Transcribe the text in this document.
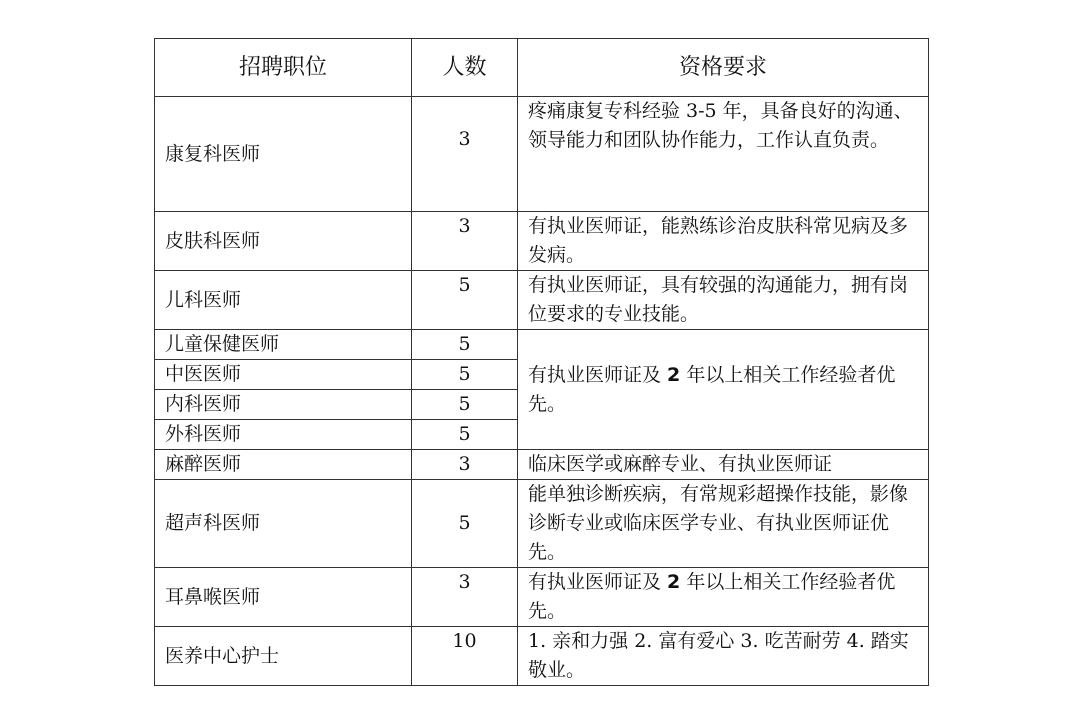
招聘职位	人数	资格要求
康复科医师	3	疼痛康复专科经验 3-5 年，具备良好的沟通、领导能力和团队协作能力，工作认直负责。
皮肤科医师	3	有执业医师证，能熟练诊治皮肤科常见病及多发病。
儿科医师	5	有执业医师证，具有较强的沟通能力，拥有岗位要求的专业技能。
儿童保健医师	5	有执业医师证及 2 年以上相关工作经验者优先。
中医医师	5	
内科医师	5	
外科医师	5	
麻醉医师	3	临床医学或麻醉专业、有执业医师证
超声科医师	5	能单独诊断疾病，有常规彩超操作技能，影像诊断专业或临床医学专业、有执业医师证优先。
耳鼻喉医师	3	有执业医师证及 2 年以上相关工作经验者优先。
医养中心护士	10	1. 亲和力强 2. 富有爱心 3. 吃苦耐劳 4. 踏实敬业。
